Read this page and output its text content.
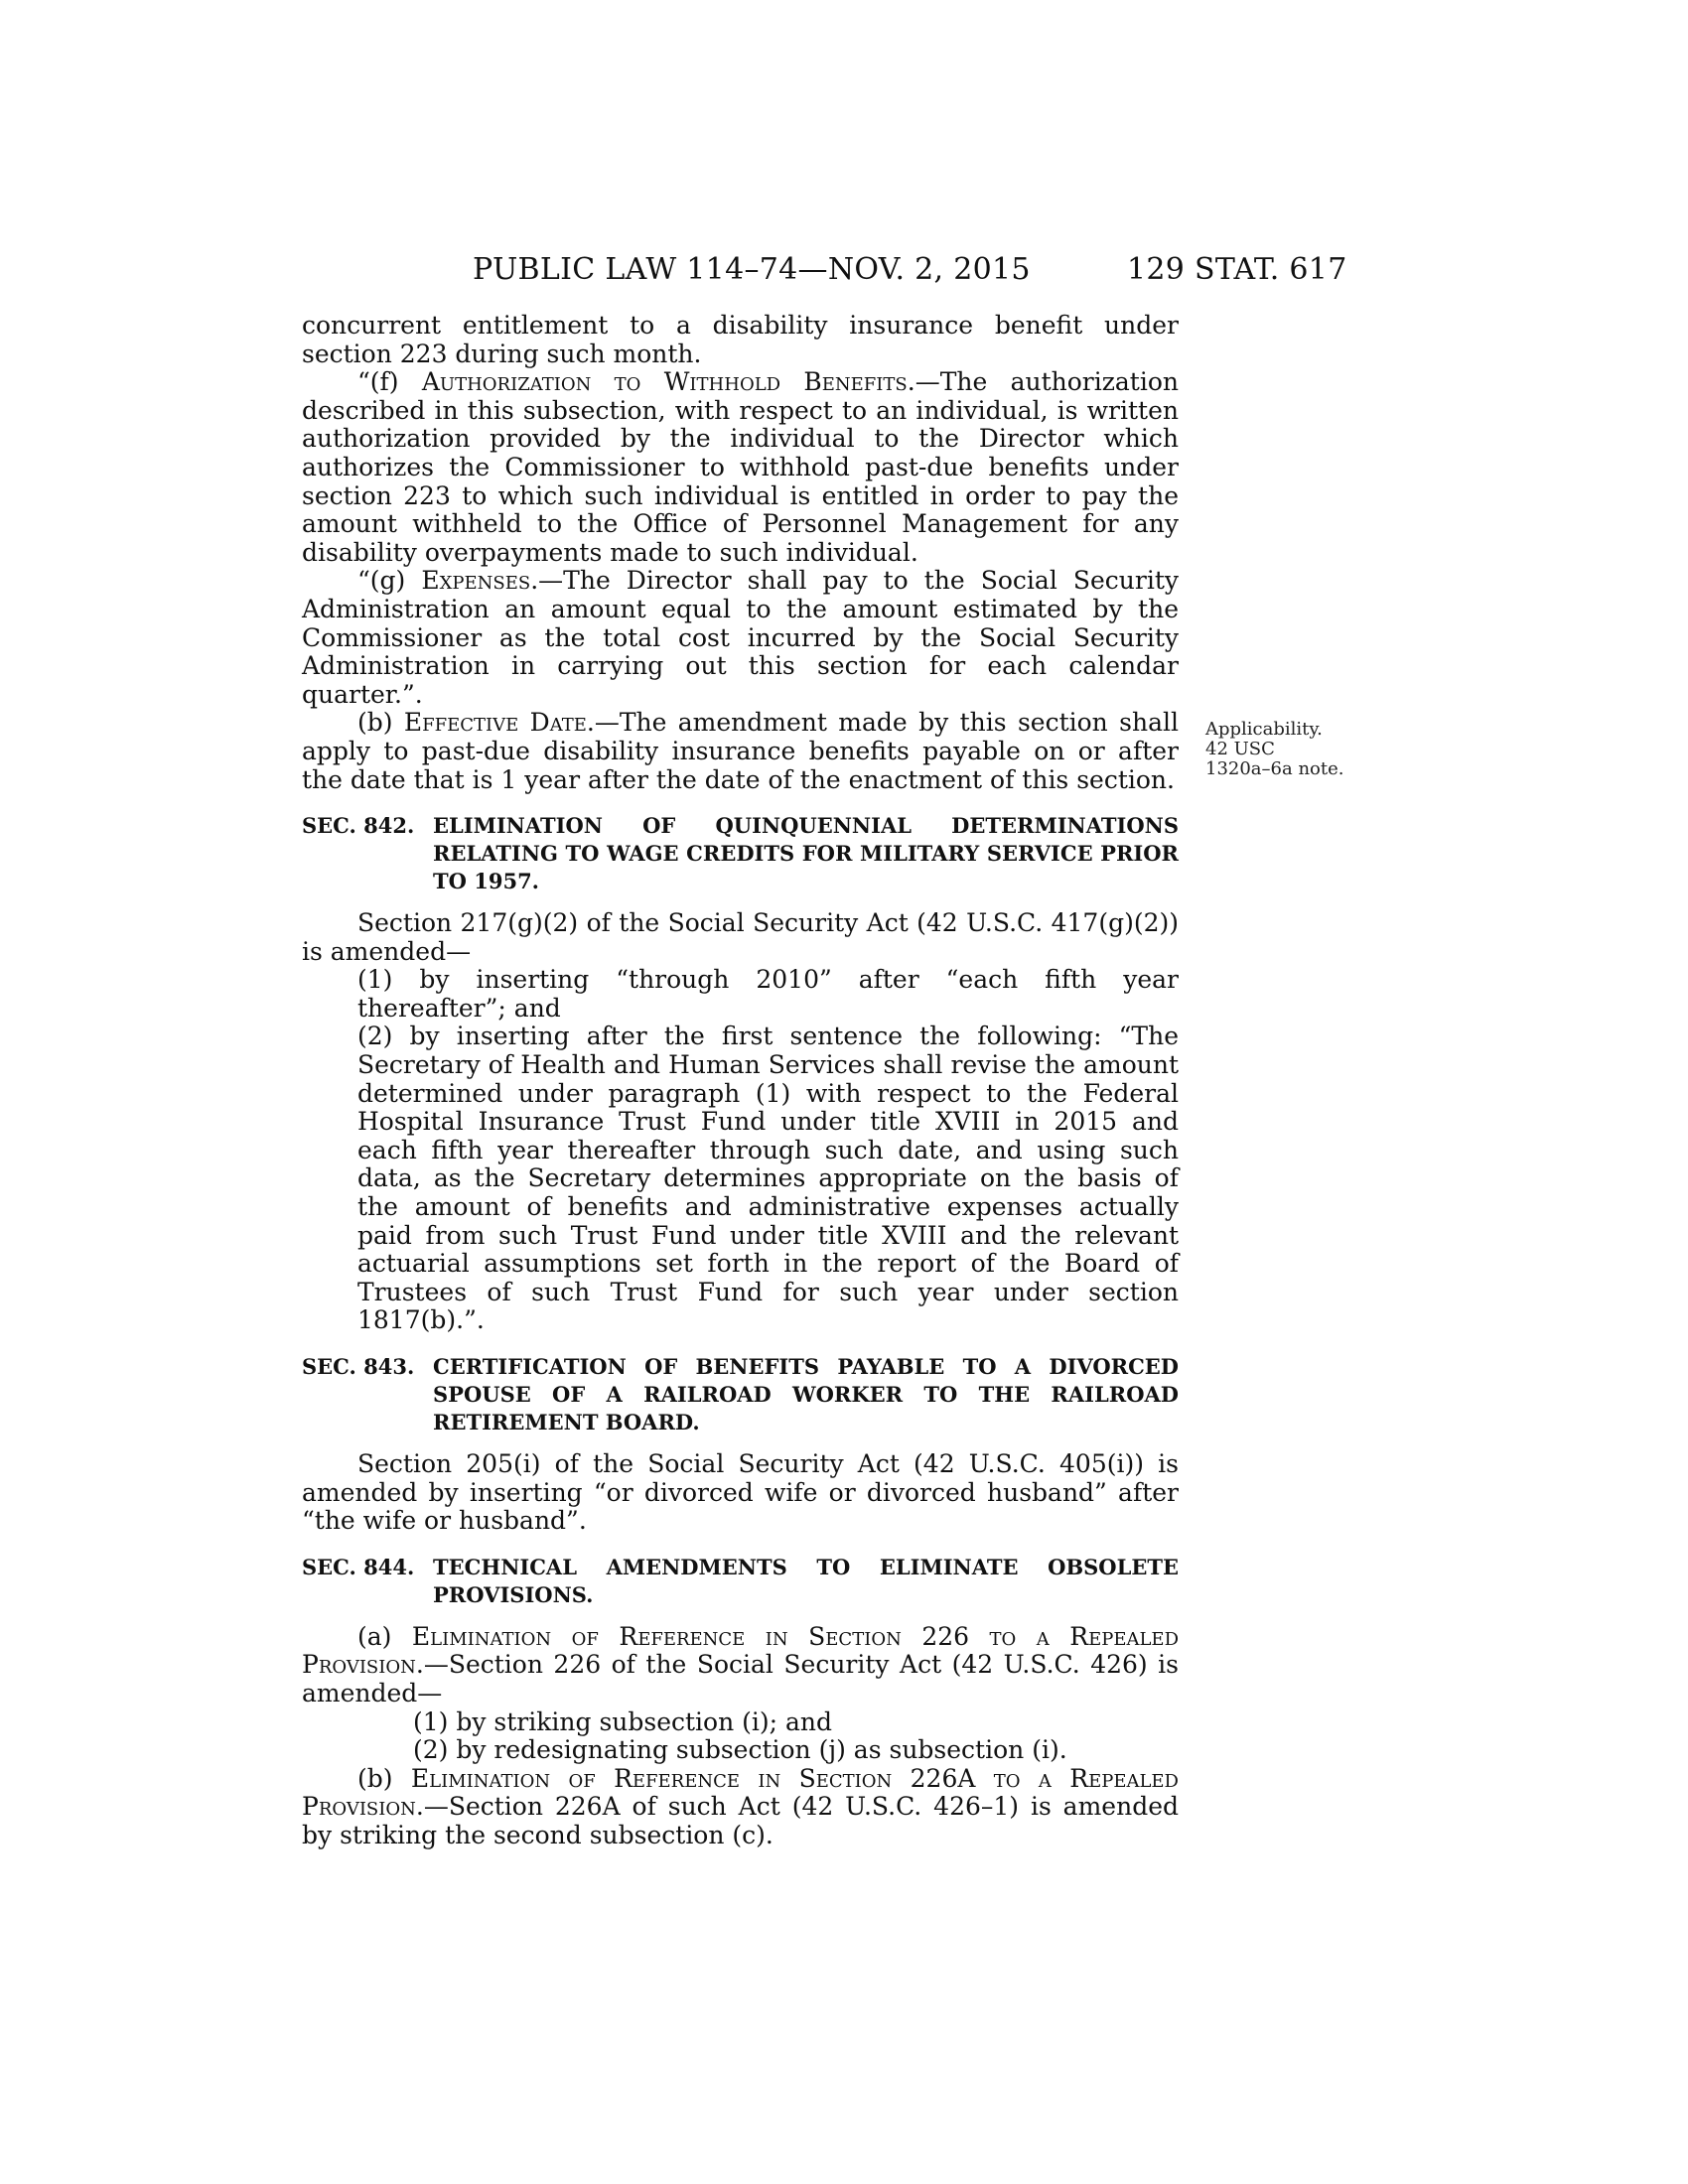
PUBLIC LAW 114–74—NOV. 2, 2015	129 STAT. 617
Applicability.
42 USC
1320a–6a note.

concurrent entitlement to a disability insurance benefit under section 223 during such month.

“(f) Authorization to Withhold Benefits.—The authorization described in this subsection, with respect to an individual, is written authorization provided by the individual to the Director which authorizes the Commissioner to withhold past-due benefits under section 223 to which such individual is entitled in order to pay the amount withheld to the Office of Personnel Management for any disability overpayments made to such individual.

“(g) Expenses.—The Director shall pay to the Social Security Administration an amount equal to the amount estimated by the Commissioner as the total cost incurred by the Social Security Administration in carrying out this section for each calendar quarter.”.

(b) Effective Date.—The amendment made by this section shall apply to past-due disability insurance benefits payable on or after the date that is 1 year after the date of the enactment of this section.

SEC. 842. ELIMINATION OF QUINQUENNIAL DETERMINATIONS RELATING TO WAGE CREDITS FOR MILITARY SERVICE PRIOR TO 1957.

Section 217(g)(2) of the Social Security Act (42 U.S.C. 417(g)(2)) is amended—

(1) by inserting “through 2010” after “each fifth year thereafter”; and

(2) by inserting after the first sentence the following: “The Secretary of Health and Human Services shall revise the amount determined under paragraph (1) with respect to the Federal Hospital Insurance Trust Fund under title XVIII in 2015 and each fifth year thereafter through such date, and using such data, as the Secretary determines appropriate on the basis of the amount of benefits and administrative expenses actually paid from such Trust Fund under title XVIII and the relevant actuarial assumptions set forth in the report of the Board of Trustees of such Trust Fund for such year under section 1817(b).”.

SEC. 843. CERTIFICATION OF BENEFITS PAYABLE TO A DIVORCED SPOUSE OF A RAILROAD WORKER TO THE RAILROAD RETIREMENT BOARD.

Section 205(i) of the Social Security Act (42 U.S.C. 405(i)) is amended by inserting “or divorced wife or divorced husband” after “the wife or husband”.

SEC. 844. TECHNICAL AMENDMENTS TO ELIMINATE OBSOLETE PROVISIONS.

(a) Elimination of Reference in Section 226 to a Repealed Provision.—Section 226 of the Social Security Act (42 U.S.C. 426) is amended—

(1) by striking subsection (i); and

(2) by redesignating subsection (j) as subsection (i).

(b) Elimination of Reference in Section 226A to a Repealed Provision.—Section 226A of such Act (42 U.S.C. 426–1) is amended by striking the second subsection (c).
